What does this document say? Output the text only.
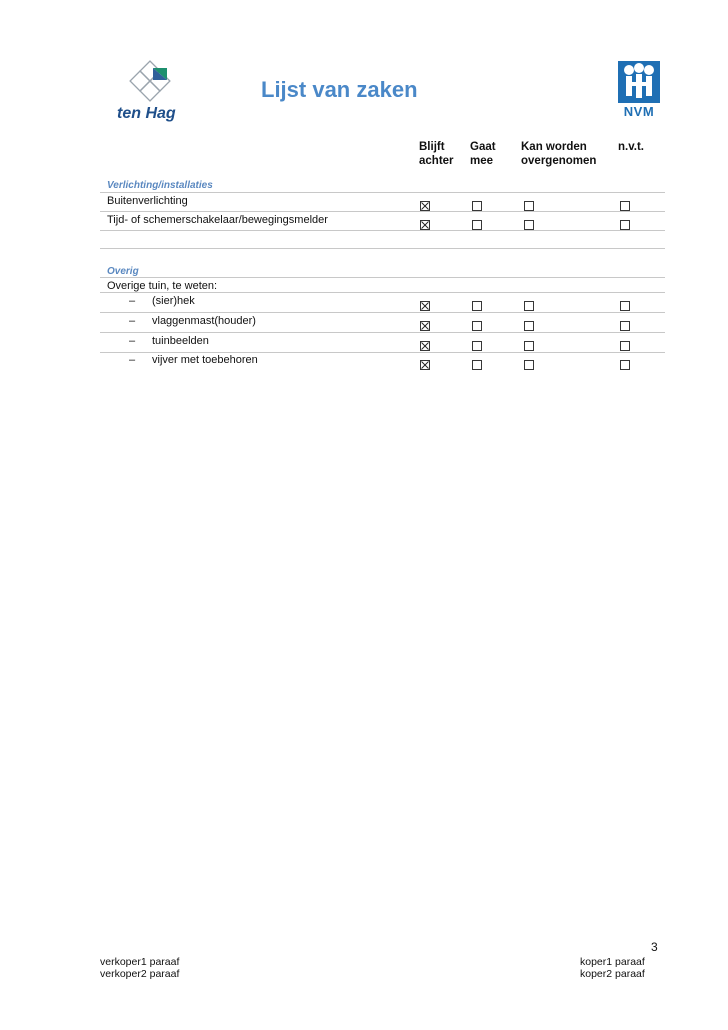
ten Hag
Lijst van zaken
NVM
Blijft
achter
Gaat
mee
Kan worden
overgenomen
n.v.t.
Verlichting/installaties
Buitenverlichting
Tijd- of schemerschakelaar/bewegingsmelder
Overig
Overige tuin, te weten:
– (sier)hek
– vlaggenmast(houder)
– tuinbeelden
– vijver met toebehoren
3
verkoper1 paraaf
verkoper2 paraaf
koper1 paraaf
koper2 paraaf
